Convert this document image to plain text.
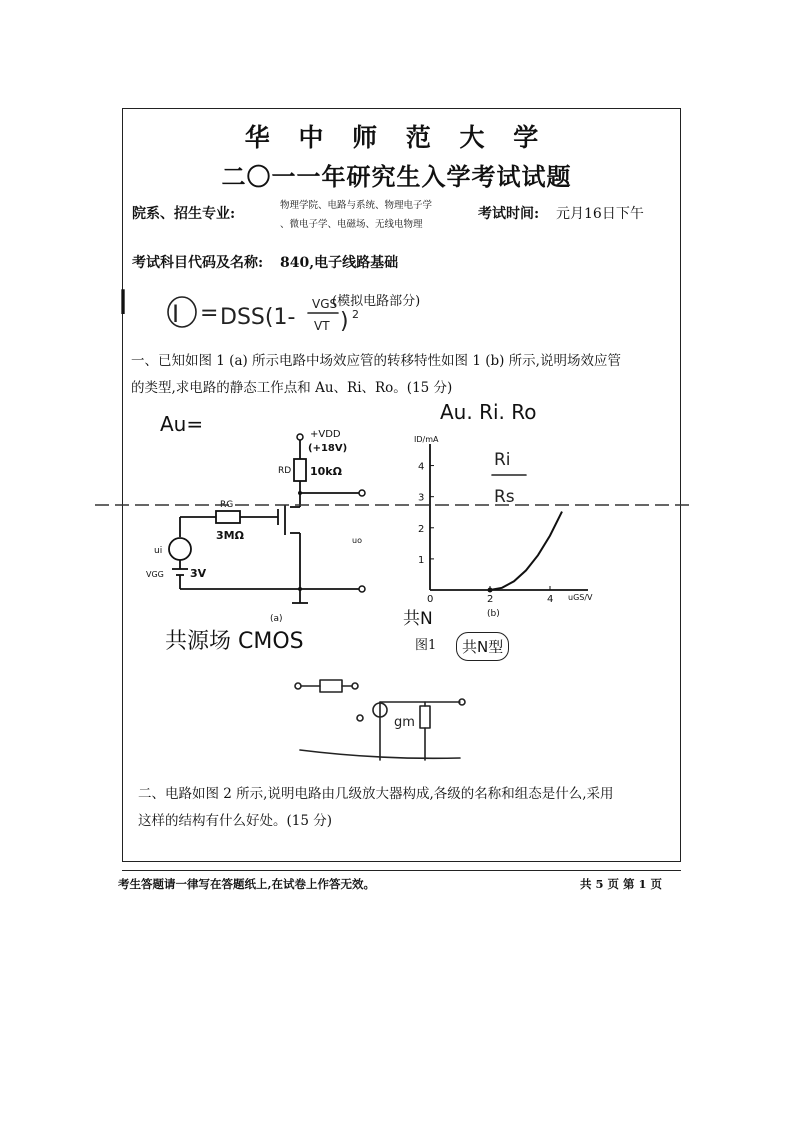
华 中 师 范 大 学
二〇一一年研究生入学考试试题
院系、招生专业:
物理学院、电路与系统、物理电子学
、微电子学、电磁场、无线电物理
考试时间: 元月16日下午
考试科目代码及名称: 840,电子线路基础
I I = DSS(1-
VGS
VT ) 2
(模拟电路部分)
一、已知如图 1 (a) 所示电路中场效应管的转移特性如图 1 (b) 所示,说明场效应管
的类型,求电路的静态工作点和 Au、Ri、Ro。(15 分)
Au=	Au. Ri. Ro
Ri
Rs
+VDD
(+18V)
RD 10kΩ
RG
3MΩ
ui
VGG 3V
uo
(a)
ID/mA
uGS/V
(b)
0	2	4
1
2
3
4
共源场 CMOS
共N
图1	共N型
gm
二、电路如图 2 所示,说明电路由几级放大器构成,各级的名称和组态是什么,采用
这样的结构有什么好处。(15 分)
考生答题请一律写在答题纸上,在试卷上作答无效。	共 5 页 第 1 页
